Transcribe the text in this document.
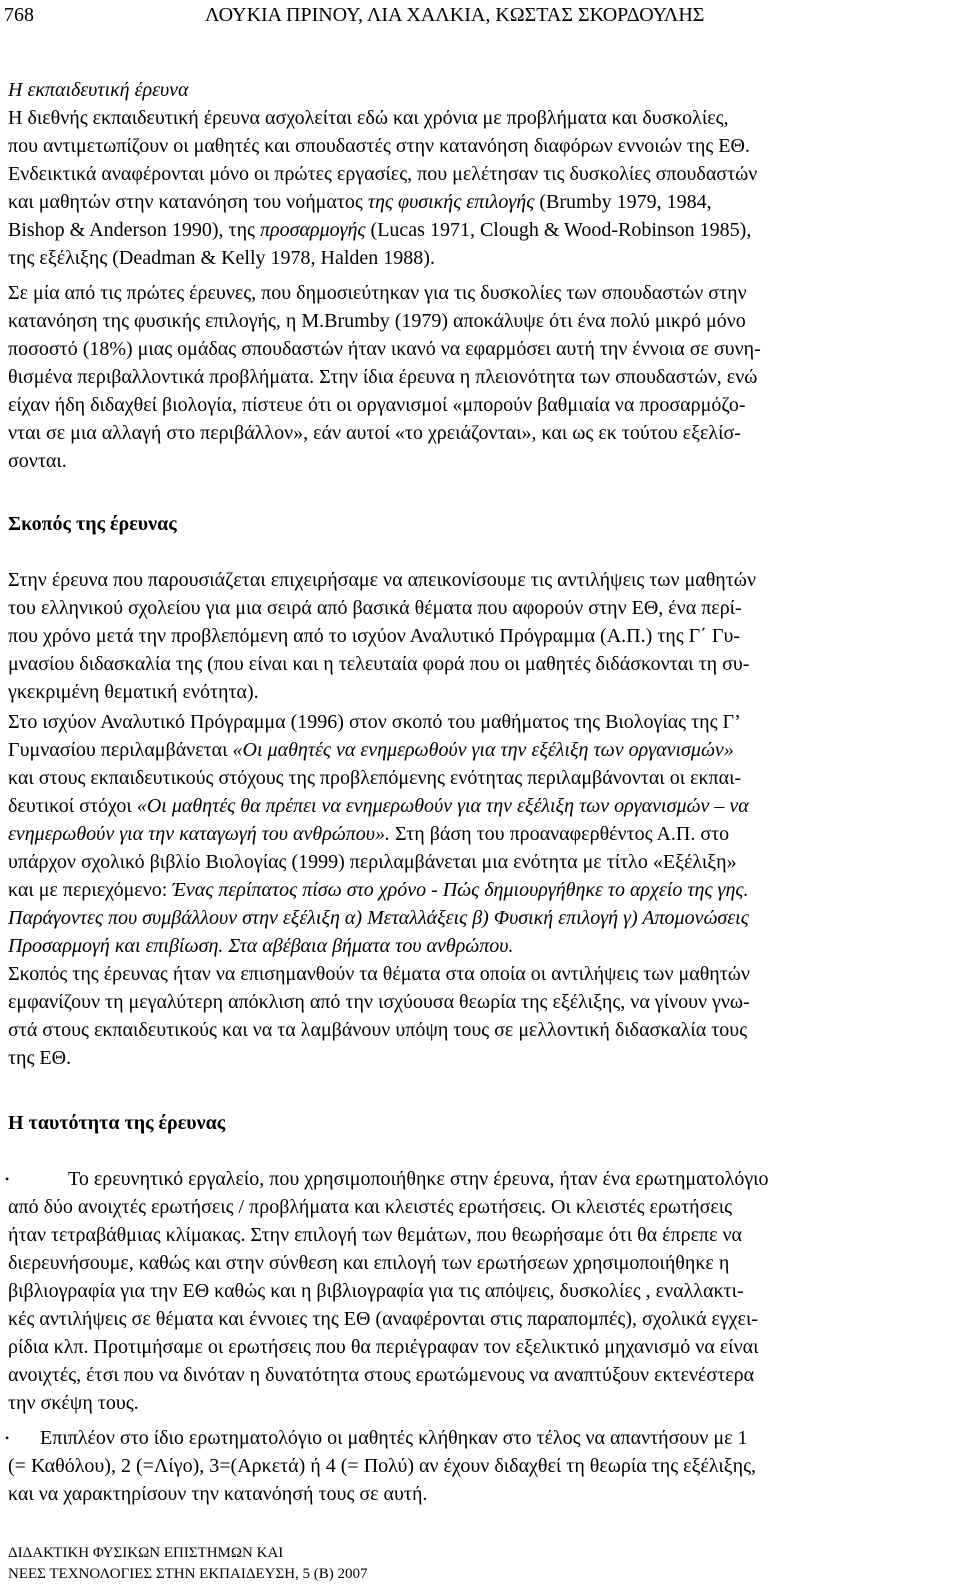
768	ΛΟΥΚΙΑ ΠΡΙΝΟΥ, ΛΙΑ ΧΑΛΚΙΑ, ΚΩΣΤΑΣ ΣΚΟΡΔΟΥΛΗΣ
Η εκπαιδευτική έρευνα
Η διεθνής εκπαιδευτική έρευνα ασχολείται εδώ και χρόνια με προβλήματα και δυσκολίες,
που αντιμετωπίζουν οι μαθητές και σπουδαστές στην κατανόηση διαφόρων εννοιών της ΕΘ.
Ενδεικτικά αναφέρονται μόνο οι πρώτες εργασίες, που μελέτησαν τις δυσκολίες σπουδαστών
και μαθητών στην κατανόηση του νοήματος της φυσικής επιλογής (Brumby 1979, 1984,
Bishop & Anderson 1990), της προσαρμογής (Lucas 1971, Clough & Wood-Robinson 1985),
της εξέλιξης (Deadman & Kelly 1978, Halden 1988).
Σε μία από τις πρώτες έρευνες, που δημοσιεύτηκαν για τις δυσκολίες των σπουδαστών στην
κατανόηση της φυσικής επιλογής, η M.Brumby (1979) αποκάλυψε ότι ένα πολύ μικρό μόνο
ποσοστό (18%) μιας ομάδας σπουδαστών ήταν ικανό να εφαρμόσει αυτή την έννοια σε συνη-
θισμένα περιβαλλοντικά προβλήματα. Στην ίδια έρευνα η πλειονότητα των σπουδαστών, ενώ
είχαν ήδη διδαχθεί βιολογία, πίστευε ότι οι οργανισμοί «μπορούν βαθμιαία να προσαρμόζο-
νται σε μια αλλαγή στο περιβάλλον», εάν αυτοί «το χρειάζονται», και ως εκ τούτου εξελίσ-
σονται.
Σκοπός της έρευνας
Στην έρευνα που παρουσιάζεται επιχειρήσαμε να απεικονίσουμε τις αντιλήψεις των μαθητών
του ελληνικού σχολείου για μια σειρά από βασικά θέματα που αφορούν στην ΕΘ, ένα περί-
που χρόνο μετά την προβλεπόμενη από το ισχύον Αναλυτικό Πρόγραμμα (Α.Π.) της Γ΄ Γυ-
μνασίου διδασκαλία της (που είναι και η τελευταία φορά που οι μαθητές διδάσκονται τη συ-
γκεκριμένη θεματική ενότητα).
Στο ισχύον Αναλυτικό Πρόγραμμα (1996) στον σκοπό του μαθήματος της Βιολογίας της Γ’
Γυμνασίου περιλαμβάνεται «Οι μαθητές να ενημερωθούν για την εξέλιξη των οργανισμών»
και στους εκπαιδευτικούς στόχους της προβλεπόμενης ενότητας περιλαμβάνονται οι εκπαι-
δευτικοί στόχοι «Οι μαθητές θα πρέπει να ενημερωθούν για την εξέλιξη των οργανισμών – να
ενημερωθούν για την καταγωγή του ανθρώπου». Στη βάση του προαναφερθέντος Α.Π. στο
υπάρχον σχολικό βιβλίο Βιολογίας (1999) περιλαμβάνεται μια ενότητα με τίτλο «Εξέλιξη»
και με περιεχόμενο: Ένας περίπατος πίσω στο χρόνο - Πώς δημιουργήθηκε το αρχείο της γης.
Παράγοντες που συμβάλλουν στην εξέλιξη α) Μεταλλάξεις β) Φυσική επιλογή γ) Απομονώσεις
Προσαρμογή και επιβίωση. Στα αβέβαια βήματα του ανθρώπου.
Σκοπός της έρευνας ήταν να επισημανθούν τα θέματα στα οποία οι αντιλήψεις των μαθητών
εμφανίζουν τη μεγαλύτερη απόκλιση από την ισχύουσα θεωρία της εξέλιξης, να γίνουν γνω-
στά στους εκπαιδευτικούς και να τα λαμβάνουν υπόψη τους σε μελλοντική διδασκαλία τους
της ΕΘ.
Η ταυτότητα της έρευνας
•	Το ερευνητικό εργαλείο, που χρησιμοποιήθηκε στην έρευνα, ήταν ένα ερωτηματολόγιο
από δύο ανοιχτές ερωτήσεις / προβλήματα και κλειστές ερωτήσεις. Οι κλειστές ερωτήσεις
ήταν τετραβάθμιας κλίμακας. Στην επιλογή των θεμάτων, που θεωρήσαμε ότι θα έπρεπε να
διερευνήσουμε, καθώς και στην σύνθεση και επιλογή των ερωτήσεων χρησιμοποιήθηκε η
βιβλιογραφία για την ΕΘ καθώς και η βιβλιογραφία για τις απόψεις, δυσκολίες , εναλλακτι-
κές αντιλήψεις σε θέματα και έννοιες της ΕΘ (αναφέρονται στις παραπομπές), σχολικά εγχει-
ρίδια κλπ. Προτιμήσαμε οι ερωτήσεις που θα περιέγραφαν τον εξελικτικό μηχανισμό να είναι
ανοιχτές, έτσι που να δινόταν η δυνατότητα στους ερωτώμενους να αναπτύξουν εκτενέστερα
την σκέψη τους.
• Επιπλέον στο ίδιο ερωτηματολόγιο οι μαθητές κλήθηκαν στο τέλος να απαντήσουν με 1
(= Καθόλου), 2 (=Λίγο), 3=(Αρκετά) ή 4 (= Πολύ) αν έχουν διδαχθεί τη θεωρία της εξέλιξης,
και να χαρακτηρίσουν την κατανόησή τους σε αυτή.
ΔΙΔΑΚΤΙΚΗ ΦΥΣΙΚΩΝ ΕΠΙΣΤΗΜΩΝ ΚΑΙ
ΝΕΕΣ ΤΕΧΝΟΛΟΓΙΕΣ ΣΤΗΝ ΕΚΠΑΙΔΕΥΣΗ, 5 (Β) 2007
